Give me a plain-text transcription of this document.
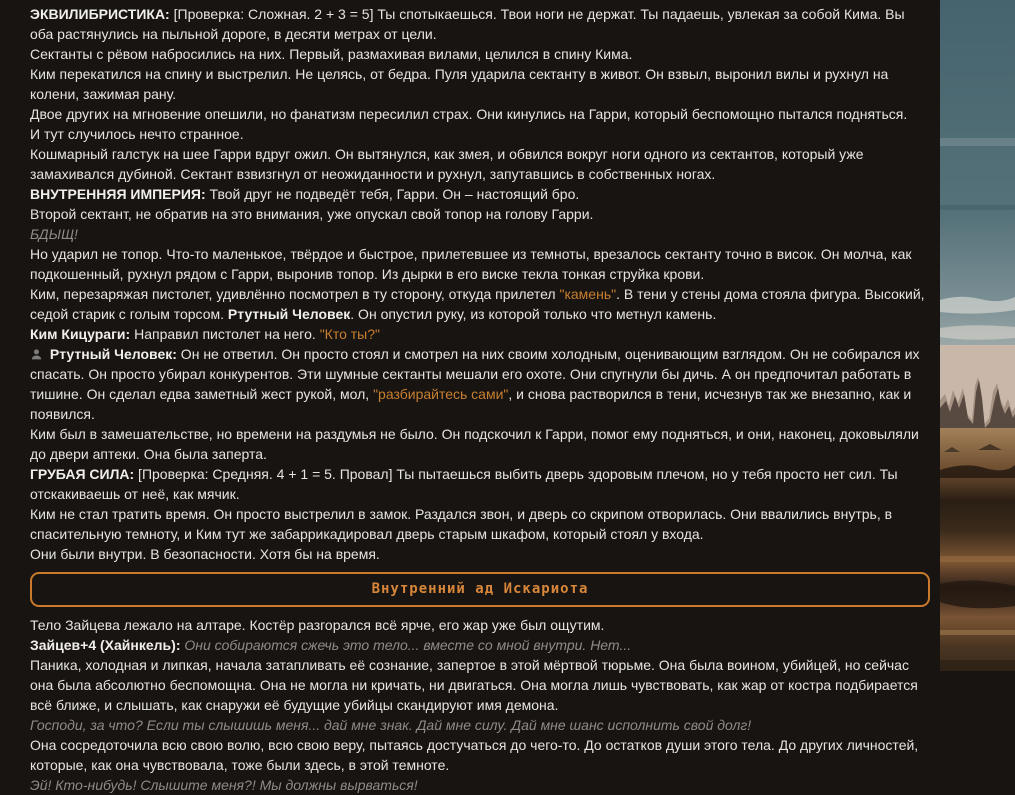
ЭКВИЛИБРИСТИКА: [Проверка: Сложная. 2 + 3 = 5] Ты спотыкаешься. Твои ноги не держат. Ты падаешь, увлекая за собой Кима. Вы оба растянулись на пыльной дороге, в десяти метрах от цели.
Сектанты с рёвом набросились на них. Первый, размахивая вилами, целился в спину Кима.
Ким перекатился на спину и выстрелил. Не целясь, от бедра. Пуля ударила сектанту в живот. Он взвыл, выронил вилы и рухнул на колени, зажимая рану.
Двое других на мгновение опешили, но фанатизм пересилил страх. Они кинулись на Гарри, который беспомощно пытался подняться.
И тут случилось нечто странное.
Кошмарный галстук на шее Гарри вдруг ожил. Он вытянулся, как змея, и обвился вокруг ноги одного из сектантов, который уже замахивался дубиной. Сектант взвизгнул от неожиданности и рухнул, запутавшись в собственных ногах.
ВНУТРЕННЯЯ ИМПЕРИЯ: Твой друг не подведёт тебя, Гарри. Он – настоящий бро.
Второй сектант, не обратив на это внимания, уже опускал свой топор на голову Гарри.
БДЫЩ!
Но ударил не топор. Что-то маленькое, твёрдое и быстрое, прилетевшее из темноты, врезалось сектанту точно в висок. Он молча, как подкошенный, рухнул рядом с Гарри, выронив топор. Из дырки в его виске текла тонкая струйка крови.
Ким, перезаряжая пистолет, удивлённо посмотрел в ту сторону, откуда прилетел "камень". В тени у стены дома стояла фигура. Высокий, седой старик с голым торсом. Ртутный Человек. Он опустил руку, из которой только что метнул камень.
Ким Кицураги: Направил пистолет на него. "Кто ты?"
Ртутный Человек: Он не ответил. Он просто стоял и смотрел на них своим холодным, оценивающим взглядом. Он не собирался их спасать. Он просто убирал конкурентов. Эти шумные сектанты мешали его охоте. Они спугнули бы дичь. А он предпочитал работать в тишине. Он сделал едва заметный жест рукой, мол, "разбирайтесь сами", и снова растворился в тени, исчезнув так же внезапно, как и появился.
Ким был в замешательстве, но времени на раздумья не было. Он подскочил к Гарри, помог ему подняться, и они, наконец, доковыляли до двери аптеки. Она была заперта.
ГРУБАЯ СИЛА: [Проверка: Средняя. 4 + 1 = 5. Провал] Ты пытаешься выбить дверь здоровым плечом, но у тебя просто нет сил. Ты отскакиваешь от неё, как мячик.
Ким не стал тратить время. Он просто выстрелил в замок. Раздался звон, и дверь со скрипом отворилась. Они ввалились внутрь, в спасительную темноту, и Ким тут же забаррикадировал дверь старым шкафом, который стоял у входа.
Они были внутри. В безопасности. Хотя бы на время.
Внутренний ад Искариота
Тело Зайцева лежало на алтаре. Костёр разгорался всё ярче, его жар уже был ощутим.
Зайцев+4 (Хайнкель): Они собираются сжечь это тело... вместе со мной внутри. Нет...
Паника, холодная и липкая, начала затапливать её сознание, запертое в этой мёртвой тюрьме. Она была воином, убийцей, но сейчас она была абсолютно беспомощна. Она не могла ни кричать, ни двигаться. Она могла лишь чувствовать, как жар от костра подбирается всё ближе, и слышать, как снаружи её будущие убийцы скандируют имя демона.
Господи, за что? Если ты слышишь меня... дай мне знак. Дай мне силу. Дай мне шанс исполнить свой долг!
Она сосредоточила всю свою волю, всю свою веру, пытаясь достучаться до чего-то. До остатков души этого тела. До других личностей, которые, как она чувствовала, тоже были здесь, в этой темноте.
Эй! Кто-нибудь! Слышите меня?! Мы должны вырваться!
